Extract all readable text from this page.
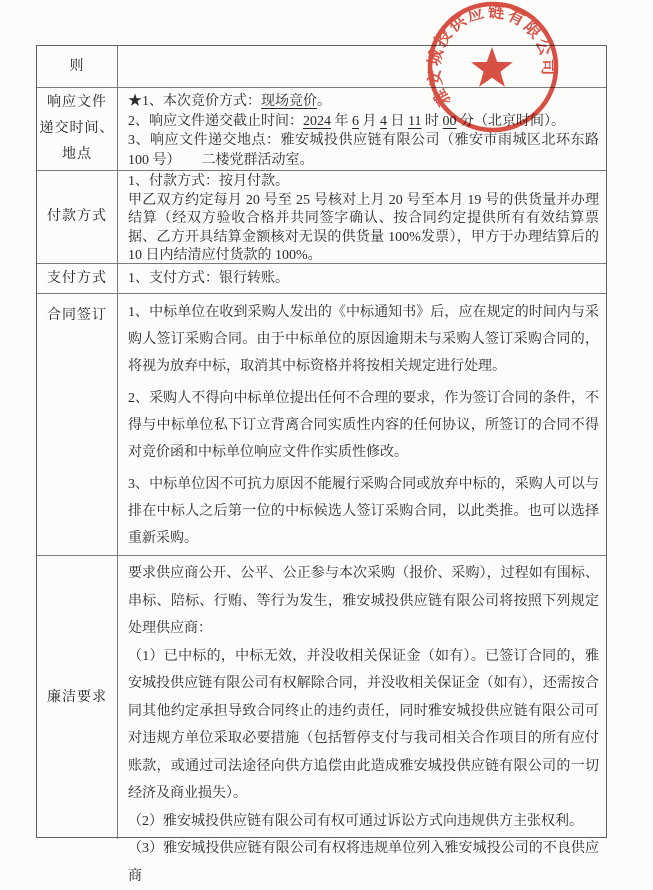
则
响应文件
递交时间、
地点

★1、本次竞价方式：现场竞价。

2、响应文件递交截止时间：2024 年 6 月 4 日 11 时 00 分（北京时间）。

3、响应文件递交地点：雅安城投供应链有限公司（雅安市雨城区北环东路 100 号）　　二楼党群活动室。

付款方式

1、付款方式：按月付款。

甲乙双方约定每月 20 号至 25 号核对上月 20 号至本月 19 号的供货量并办理结算（经双方验收合格并共同签字确认、按合同约定提供所有有效结算票据、乙方开具结算金额核对无误的供货量 100%发票），甲方于办理结算后的 10 日内结清应付货款的 100%。

支付方式 1、支付方式：银行转账。

合同签订 1、中标单位在收到采购人发出的《中标通知书》后，应在规定的时间内与采购人签订采购合同。由于中标单位的原因逾期未与采购人签订采购合同的，将视为放弃中标，取消其中标资格并将按相关规定进行处理。

2、采购人不得向中标单位提出任何不合理的要求，作为签订合同的条件，不得与中标单位私下订立背离合同实质性内容的任何协议，所签订的合同不得对竞价函和中标单位响应文件作实质性修改。

3、中标单位因不可抗力原因不能履行采购合同或放弃中标的，采购人可以与排在中标人之后第一位的中标候选人签订采购合同，以此类推。也可以选择重新采购。

廉洁要求

要求供应商公开、公平、公正参与本次采购（报价、采购），过程如有围标、串标、陪标、行贿、等行为发生，雅安城投供应链有限公司将按照下列规定处理供应商：

（1）已中标的，中标无效，并没收相关保证金（如有）。已签订合同的，雅安城投供应链有限公司有权解除合同，并没收相关保证金（如有），还需按合同其他约定承担导致合同终止的违约责任，同时雅安城投供应链有限公司可对违规方单位采取必要措施（包括暂停支付与我司相关合作项目的所有应付账款，或通过司法途径向供方追偿由此造成雅安城投供应链有限公司的一切经济及商业损失）。

（2）雅安城投供应链有限公司有权可通过诉讼方式向违规供方主张权利。

（3）雅安城投供应链有限公司有权将违规单位列入雅安城投公司的不良供应商

雅安城投供应链有限公司
